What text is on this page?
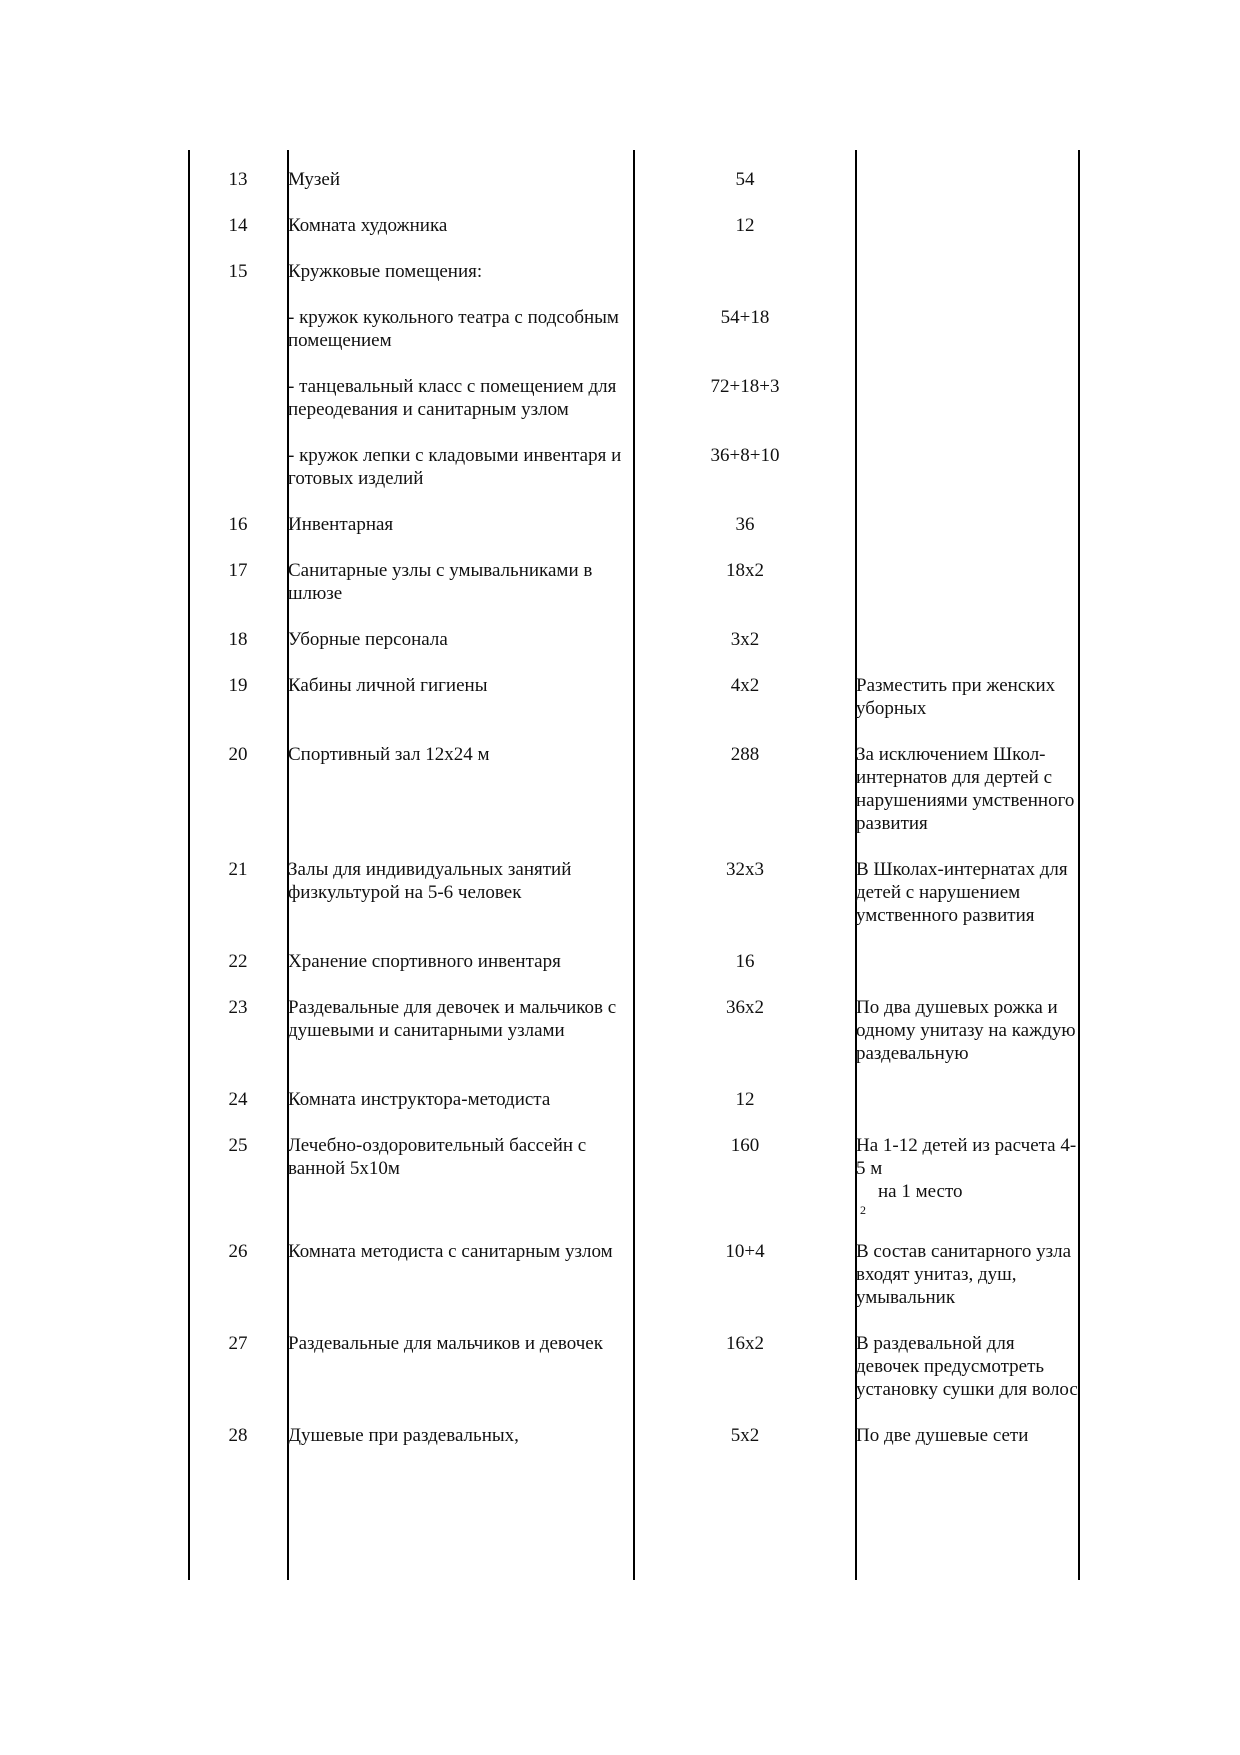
13	Музей	54	
14	Комната художника	12	
15	Кружковые помещения:		
	- кружок кукольного театра с подсобным помещением	54+18	
	- танцевальный класс с помещением для переодевания и санитарным узлом	72+18+3	
	- кружок лепки с кладовыми инвентаря и готовых изделий	36+8+10	
16	Инвентарная	36	
17	Санитарные узлы с умывальниками в шлюзе	18x2	
18	Уборные персонала	3x2	
19	Кабины личной гигиены	4x2	Разместить при женских уборных
20	Спортивный зал 12x24 м	288	За исключением Школ-интернатов для дертей с нарушениями умственного развития
21	Залы для индивидуальных занятий физкультурой на 5-6 человек	32x3	В Школах-интернатах для детей с нарушением умственного развития
22	Хранение спортивного инвентаря	16	
23	Раздевальные для девочек и мальчиков с душевыми и санитарными узлами	36x2	По два душевых рожка и одному унитазу на каждую раздевальную
24	Комната инструктора-методиста	12	
25	Лечебно-оздоровительный бассейн с ванной 5x10м	160	На 1-12 детей из расчета 4-5 м
на 1 место
2

26	Комната методиста с санитарным узлом	10+4	В состав санитарного узла входят унитаз, душ, умывальник
27	Раздевальные для мальчиков и девочек	16x2	В раздевальной для девочек предусмотреть установку сушки для волос
28	Душевые при раздевальных,	5x2	По две душевые сети
